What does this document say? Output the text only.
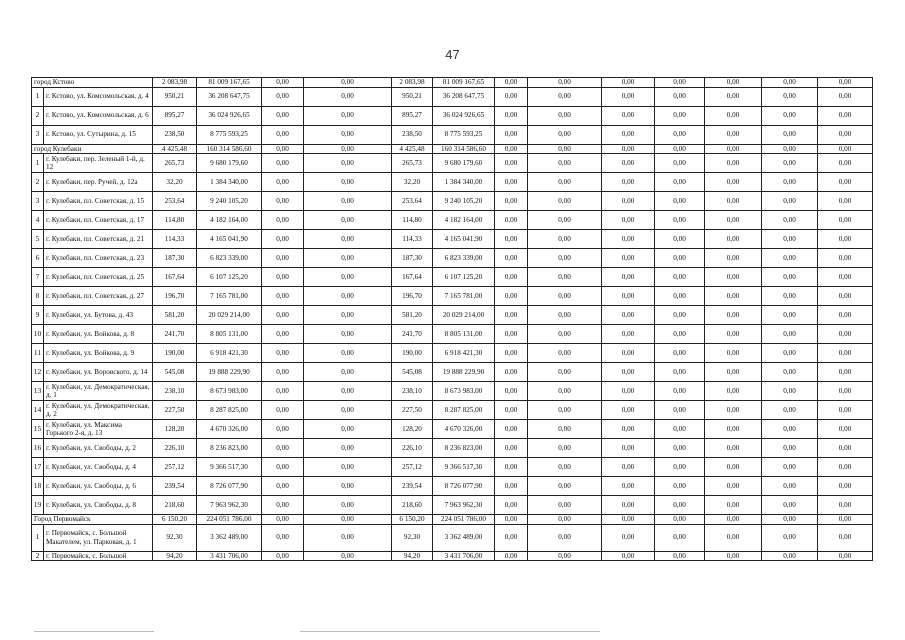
47
город Кстово		2 083,98	81 009 167,65	0,00	0,00	2 083,98	81 009 167,65	0,00	0,00	0,00	0,00	0,00	0,00	0,00
1	г. Кстово, ул. Комсомольская, д. 4	950,21	36 208 647,75	0,00	0,00	950,21	36 208 647,75	0,00	0,00	0,00	0,00	0,00	0,00	0,00
2	г. Кстово, ул. Комсомольская, д. 6	895,27	36 024 926,65	0,00	0,00	895,27	36 024 926,65	0,00	0,00	0,00	0,00	0,00	0,00	0,00
3	г. Кстово, ул. Сутырина, д. 15	238,50	8 775 593,25	0,00	0,00	238,50	8 775 593,25	0,00	0,00	0,00	0,00	0,00	0,00	0,00
город Кулебаки		4 425,48	160 314 586,60	0,00	0,00	4 425,48	160 314 586,60	0,00	0,00	0,00	0,00	0,00	0,00	0,00
1	г. Кулебаки, пер. Зеленый 1-й, д. 12	265,73	9 680 179,60	0,00	0,00	265,73	9 680 179,60	0,00	0,00	0,00	0,00	0,00	0,00	0,00
2	г. Кулебаки, пер. Ручей, д. 12а	32,20	1 384 340,00	0,00	0,00	32,20	1 384 340,00	0,00	0,00	0,00	0,00	0,00	0,00	0,00
3	г. Кулебаки, пл. Советская, д. 15	253,64	9 240 105,20	0,00	0,00	253,64	9 240 105,20	0,00	0,00	0,00	0,00	0,00	0,00	0,00
4	г. Кулебаки, пл. Советская, д. 17	114,80	4 182 164,00	0,00	0,00	114,80	4 182 164,00	0,00	0,00	0,00	0,00	0,00	0,00	0,00
5	г. Кулебаки, пл. Советская, д. 21	114,33	4 165 041,90	0,00	0,00	114,33	4 165 041,90	0,00	0,00	0,00	0,00	0,00	0,00	0,00
6	г. Кулебаки, пл. Советская, д. 23	187,30	6 823 339,00	0,00	0,00	187,30	6 823 339,00	0,00	0,00	0,00	0,00	0,00	0,00	0,00
7	г. Кулебаки, пл. Советская, д. 25	167,64	6 107 125,20	0,00	0,00	167,64	6 107 125,20	0,00	0,00	0,00	0,00	0,00	0,00	0,00
8	г. Кулебаки, пл. Советская, д. 27	196,70	7 165 781,00	0,00	0,00	196,70	7 165 781,00	0,00	0,00	0,00	0,00	0,00	0,00	0,00
9	г. Кулебаки, ул. Бутова, д. 43	581,20	20 029 214,00	0,00	0,00	581,20	20 029 214,00	0,00	0,00	0,00	0,00	0,00	0,00	0,00
10	г. Кулебаки, ул. Войкова, д. 8	241,70	8 805 131,00	0,00	0,00	241,70	8 805 131,00	0,00	0,00	0,00	0,00	0,00	0,00	0,00
11	г. Кулебаки, ул. Войкова, д. 9	190,00	6 918 421,30	0,00	0,00	190,00	6 918 421,30	0,00	0,00	0,00	0,00	0,00	0,00	0,00
12	г. Кулебаки, ул. Воровского, д. 14	545,08	19 888 229,90	0,00	0,00	545,08	19 888 229,90	0,00	0,00	0,00	0,00	0,00	0,00	0,00
13	г. Кулебаки, ул. Демократическая, д. 1	238,10	8 673 983,00	0,00	0,00	238,10	8 673 983,00	0,00	0,00	0,00	0,00	0,00	0,00	0,00
14	г. Кулебаки, ул. Демократическая, д. 2	227,50	8 287 825,00	0,00	0,00	227,50	8 287 825,00	0,00	0,00	0,00	0,00	0,00	0,00	0,00
15	г. Кулебаки, ул. Максима Горького 2-я, д. 13	128,20	4 670 326,00	0,00	0,00	128,20	4 670 326,00	0,00	0,00	0,00	0,00	0,00	0,00	0,00
16	г. Кулебаки, ул. Свободы, д. 2	226,10	8 236 823,00	0,00	0,00	226,10	8 236 823,00	0,00	0,00	0,00	0,00	0,00	0,00	0,00
17	г. Кулебаки, ул. Свободы, д. 4	257,12	9 366 517,30	0,00	0,00	257,12	9 366 517,30	0,00	0,00	0,00	0,00	0,00	0,00	0,00
18	г. Кулебаки, ул. Свободы, д. 6	239,54	8 726 077,90	0,00	0,00	239,54	8 726 077,90	0,00	0,00	0,00	0,00	0,00	0,00	0,00
19	г. Кулебаки, ул. Свободы, д. 8	218,60	7 963 962,30	0,00	0,00	218,60	7 963 962,30	0,00	0,00	0,00	0,00	0,00	0,00	0,00
Город Первомайск		6 150,20	224 051 786,00	0,00	0,00	6 150,20	224 051 786,00	0,00	0,00	0,00	0,00	0,00	0,00	0,00
1	г. Первомайск, с. Большой Макателем, ул. Парковая, д. 1	92,30	3 362 489,00	0,00	0,00	92,30	3 362 489,00	0,00	0,00	0,00	0,00	0,00	0,00	0,00
2	г. Первомайск, с. Большой	94,20	3 431 706,00	0,00	0,00	94,20	3 431 706,00	0,00	0,00	0,00	0,00	0,00	0,00	0,00
